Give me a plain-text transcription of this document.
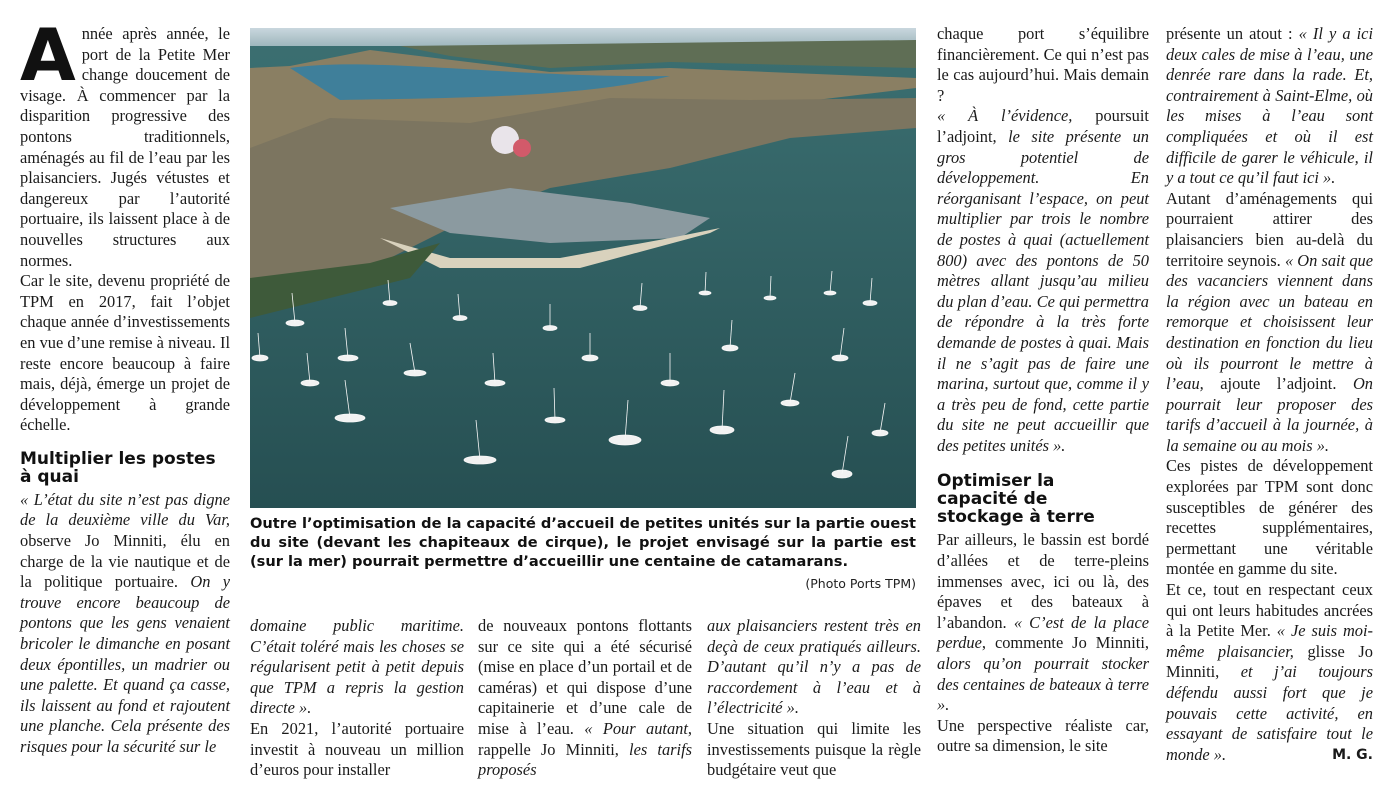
Année après année, le port de la Petite Mer change doucement de visage. À commencer par la disparition progressive des pontons traditionnels, aménagés au fil de l’eau par les plaisanciers. Jugés vétustes et dangereux par l’autorité portuaire, ils laissent place à de nouvelles structures aux normes.

Car le site, devenu propriété de TPM en 2017, fait l’objet chaque année d’investissements en vue d’une remise à niveau. Il reste encore beaucoup à faire mais, déjà, émerge un projet de développement à grande échelle.

Multiplier les postes à quai

« L’état du site n’est pas digne de la deuxième ville du Var, observe Jo Minniti, élu en charge de la vie nautique et de la politique portuaire. On y trouve encore beaucoup de pontons que les gens venaient bricoler le dimanche en posant deux épontilles, un madrier ou une palette. Et quand ça casse, ils laissent au fond et rajoutent une planche. Cela présente des risques pour la sécurité sur le

Outre l’optimisation de la capacité d’accueil de petites unités sur la partie ouest du site (devant les chapiteaux de cirque), le projet envisagé sur la partie est (sur la mer) pourrait permettre d’accueillir une centaine de catamarans.
(Photo Ports TPM)

domaine public maritime. C’était toléré mais les choses se régularisent petit à petit depuis que TPM a repris la gestion directe ».

En 2021, l’autorité portuaire investit à nouveau un million d’euros pour installer

de nouveaux pontons flottants sur ce site qui a été sécurisé (mise en place d’un portail et de caméras) et qui dispose d’une capitainerie et d’une cale de mise à l’eau. « Pour autant, rappelle Jo Minniti, les tarifs proposés

aux plaisanciers restent très en deçà de ceux pratiqués ailleurs. D’autant qu’il n’y a pas de raccordement à l’eau et à l’électricité ».

Une situation qui limite les investissements puisque la règle budgétaire veut que

chaque port s’équilibre financièrement. Ce qui n’est pas le cas aujourd’hui. Mais demain ?

« À l’évidence, poursuit l’adjoint, le site présente un gros potentiel de développement. En réorganisant l’espace, on peut multiplier par trois le nombre de postes à quai (actuellement 800) avec des pontons de 50 mètres allant jusqu’au milieu du plan d’eau. Ce qui permettra de répondre à la très forte demande de postes à quai. Mais il ne s’agit pas de faire une marina, surtout que, comme il y a très peu de fond, cette partie du site ne peut accueillir que des petites unités ».

Optimiser la capacité de stockage à terre

Par ailleurs, le bassin est bordé d’allées et de terre-pleins immenses avec, ici ou là, des épaves et des bateaux à l’abandon. « C’est de la place perdue, commente Jo Minniti, alors qu’on pourrait stocker des centaines de bateaux à terre ».

Une perspective réaliste car, outre sa dimension, le site

présente un atout : « Il y a ici deux cales de mise à l’eau, une denrée rare dans la rade. Et, contrairement à Saint-Elme, où les mises à l’eau sont compliquées et où il est difficile de garer le véhicule, il y a tout ce qu’il faut ici ».

Autant d’aménagements qui pourraient attirer des plaisanciers bien au-delà du territoire seynois. « On sait que des vacanciers viennent dans la région avec un bateau en remorque et choisissent leur destination en fonction du lieu où ils pourront le mettre à l’eau, ajoute l’adjoint. On pourrait leur proposer des tarifs d’accueil à la journée, à la semaine ou au mois ».

Ces pistes de développement explorées par TPM sont donc susceptibles de générer des recettes supplémentaires, permettant une véritable montée en gamme du site.

Et ce, tout en respectant ceux qui ont leurs habitudes ancrées à la Petite Mer. « Je suis moi-même plaisancier, glisse Jo Minniti, et j’ai toujours défendu aussi fort que je pouvais cette activité, en essayant de satisfaire tout le monde ».	M. G.
